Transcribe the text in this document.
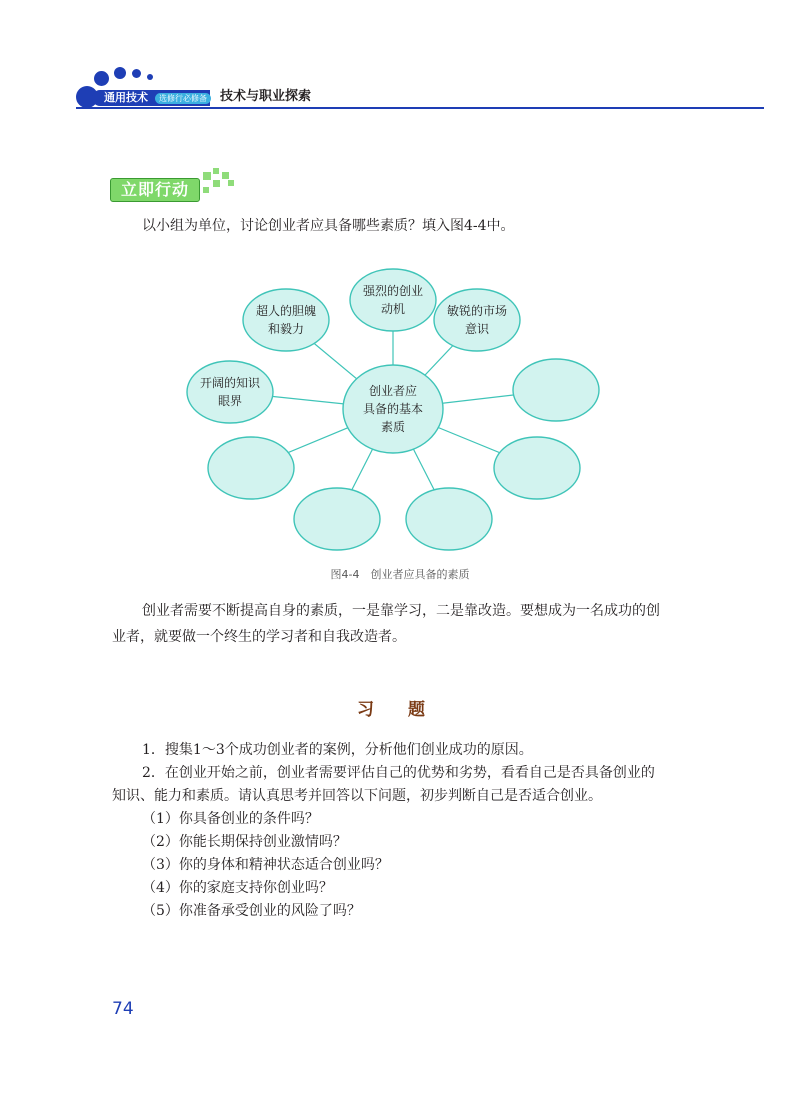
通用技术	选修行必修备	技术与职业探索
立即行动
以小组为单位，讨论创业者应具备哪些素质？填入图4-4中。
强烈的创业
动机	敏锐的市场
意识
开阔的知识
眼界
超人的胆魄
和毅力
创业者应
具备的基本
素质
图4-4　创业者应具备的素质
创业者需要不断提高自身的素质，一是靠学习，二是靠改造。要想成为一名成功的创
业者，就要做一个终生的学习者和自我改造者。
习题
1．搜集1～3个成功创业者的案例，分析他们创业成功的原因。
2．在创业开始之前，创业者需要评估自己的优势和劣势，看看自己是否具备创业的
知识、能力和素质。请认真思考并回答以下问题，初步判断自己是否适合创业。
（1）你具备创业的条件吗？
（2）你能长期保持创业激情吗？
（3）你的身体和精神状态适合创业吗？
（4）你的家庭支持你创业吗？
（5）你准备承受创业的风险了吗？
74
